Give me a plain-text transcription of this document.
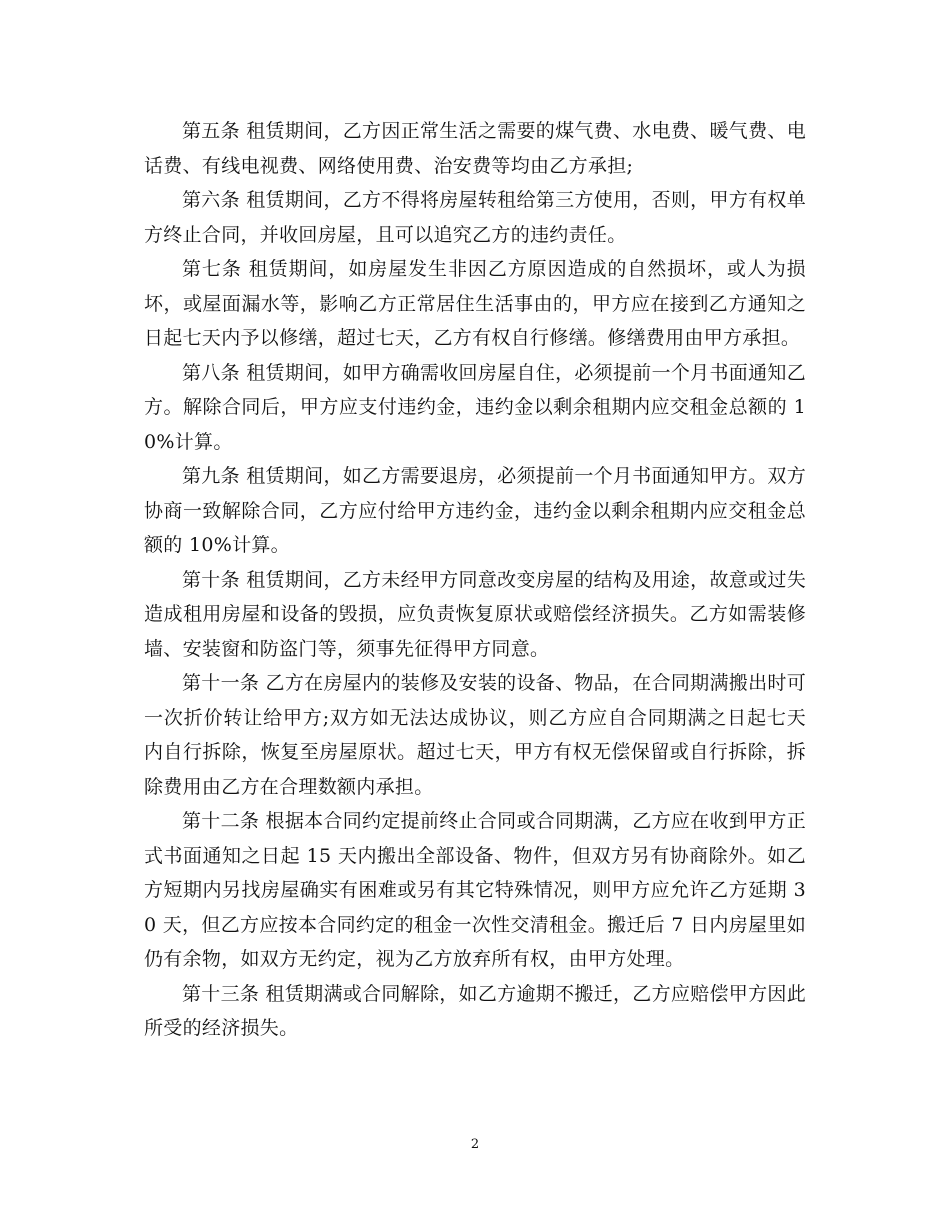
第五条 租赁期间，乙方因正常生活之需要的煤气费、水电费、暖气费、电话费、有线电视费、网络使用费、治安费等均由乙方承担;

第六条 租赁期间，乙方不得将房屋转租给第三方使用，否则，甲方有权单方终止合同，并收回房屋，且可以追究乙方的违约责任。

第七条 租赁期间，如房屋发生非因乙方原因造成的自然损坏，或人为损坏，或屋面漏水等，影响乙方正常居住生活事由的，甲方应在接到乙方通知之日起七天内予以修缮，超过七天，乙方有权自行修缮。修缮费用由甲方承担。

第八条 租赁期间，如甲方确需收回房屋自住，必须提前一个月书面通知乙方。解除合同后，甲方应支付违约金，违约金以剩余租期内应交租金总额的 10%计算。

第九条 租赁期间，如乙方需要退房，必须提前一个月书面通知甲方。双方协商一致解除合同，乙方应付给甲方违约金，违约金以剩余租期内应交租金总额的 10%计算。

第十条 租赁期间，乙方未经甲方同意改变房屋的结构及用途，故意或过失造成租用房屋和设备的毁损，应负责恢复原状或赔偿经济损失。乙方如需装修墙、安装窗和防盗门等，须事先征得甲方同意。

第十一条 乙方在房屋内的装修及安装的设备、物品，在合同期满搬出时可一次折价转让给甲方;双方如无法达成协议，则乙方应自合同期满之日起七天内自行拆除，恢复至房屋原状。超过七天，甲方有权无偿保留或自行拆除，拆除费用由乙方在合理数额内承担。

第十二条 根据本合同约定提前终止合同或合同期满，乙方应在收到甲方正式书面通知之日起 15 天内搬出全部设备、物件，但双方另有协商除外。如乙方短期内另找房屋确实有困难或另有其它特殊情况，则甲方应允许乙方延期 30 天，但乙方应按本合同约定的租金一次性交清租金。搬迁后 7 日内房屋里如仍有余物，如双方无约定，视为乙方放弃所有权，由甲方处理。

第十三条 租赁期满或合同解除，如乙方逾期不搬迁，乙方应赔偿甲方因此所受的经济损失。

2
